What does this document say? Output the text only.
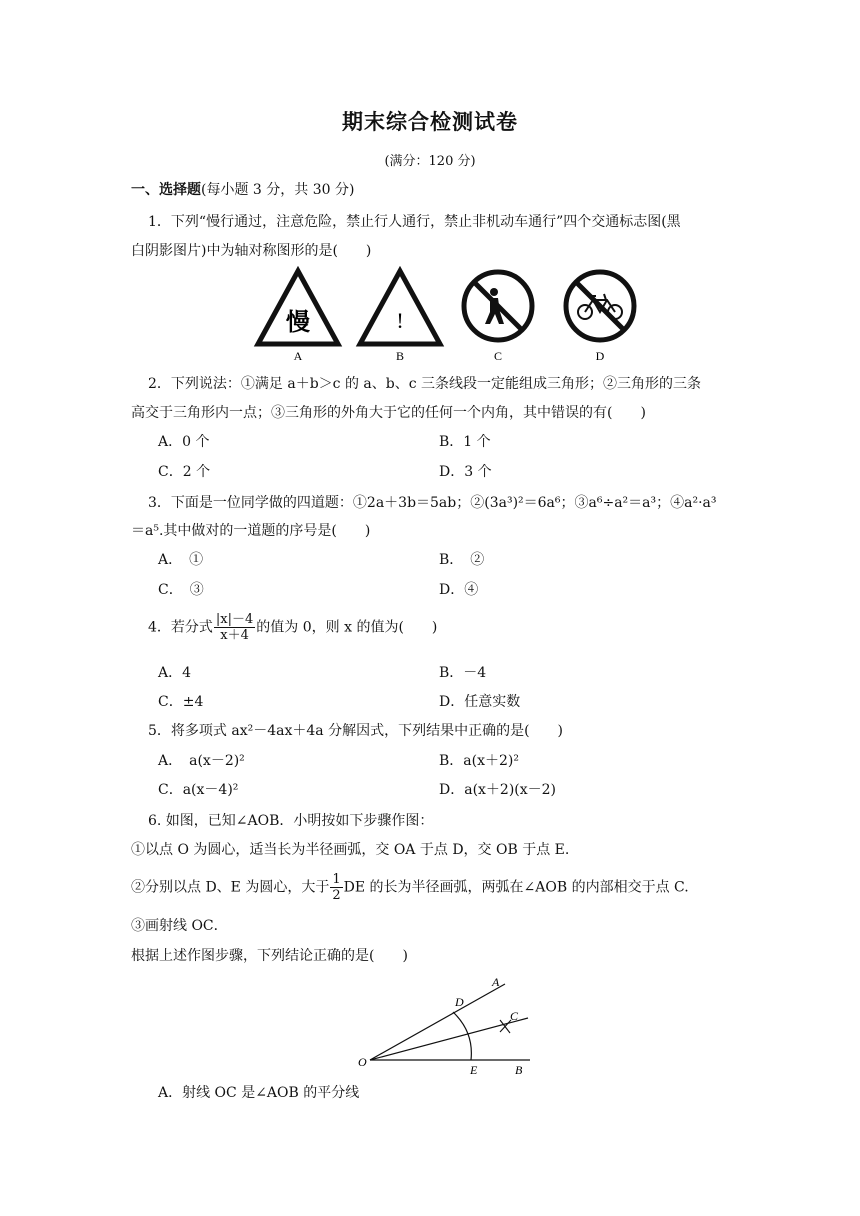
期末综合检测试卷
(满分：120 分)
一、选择题(每小题 3 分，共 30 分)
1．下列“慢行通过，注意危险，禁止行人通行，禁止非机动车通行”四个交通标志图(黑
白阴影图片)中为轴对称图形的是(　　)
慢
A
!
B	C	D
2．下列说法：①满足 a＋b＞c 的 a、b、c 三条线段一定能组成三角形；②三角形的三条
高交于三角形内一点；③三角形的外角大于它的任何一个内角，其中错误的有(　　)
A．0 个	B．1 个
C．2 个	D．3 个
3．下面是一位同学做的四道题：①2a＋3b＝5ab；②(3a³)²＝6a⁶；③a⁶÷a²＝a³；④a²·a³
＝a⁵.其中做对的一道题的序号是(　　)
A．　①	B．　②
C．　③	D．④
4．若分式 $\frac{|x|-4}{x+4}$ 的值为 0，则 x 的值为(　　)
A．4	B．－4
C．±4	D．任意实数
5．将多项式 ax²－4ax＋4a 分解因式，下列结果中正确的是(　　)
A．　a(x－2)²	B．a(x＋2)²
C．a(x－4)²	D．a(x＋2)(x－2)
6. 如图，已知∠AOB．小明按如下步骤作图：
①以点 O 为圆心，适当长为半径画弧，交 OA 于点 D，交 OB 于点 E.
②分别以点 D、E 为圆心，大于 $\frac{1}{2}$ DE 的长为半径画弧，两弧在∠AOB 的内部相交于点 C.
③画射线 OC．
根据上述作图步骤，下列结论正确的是(　　)
A
D
C
O
E	B
A．射线 OC 是∠AOB 的平分线
